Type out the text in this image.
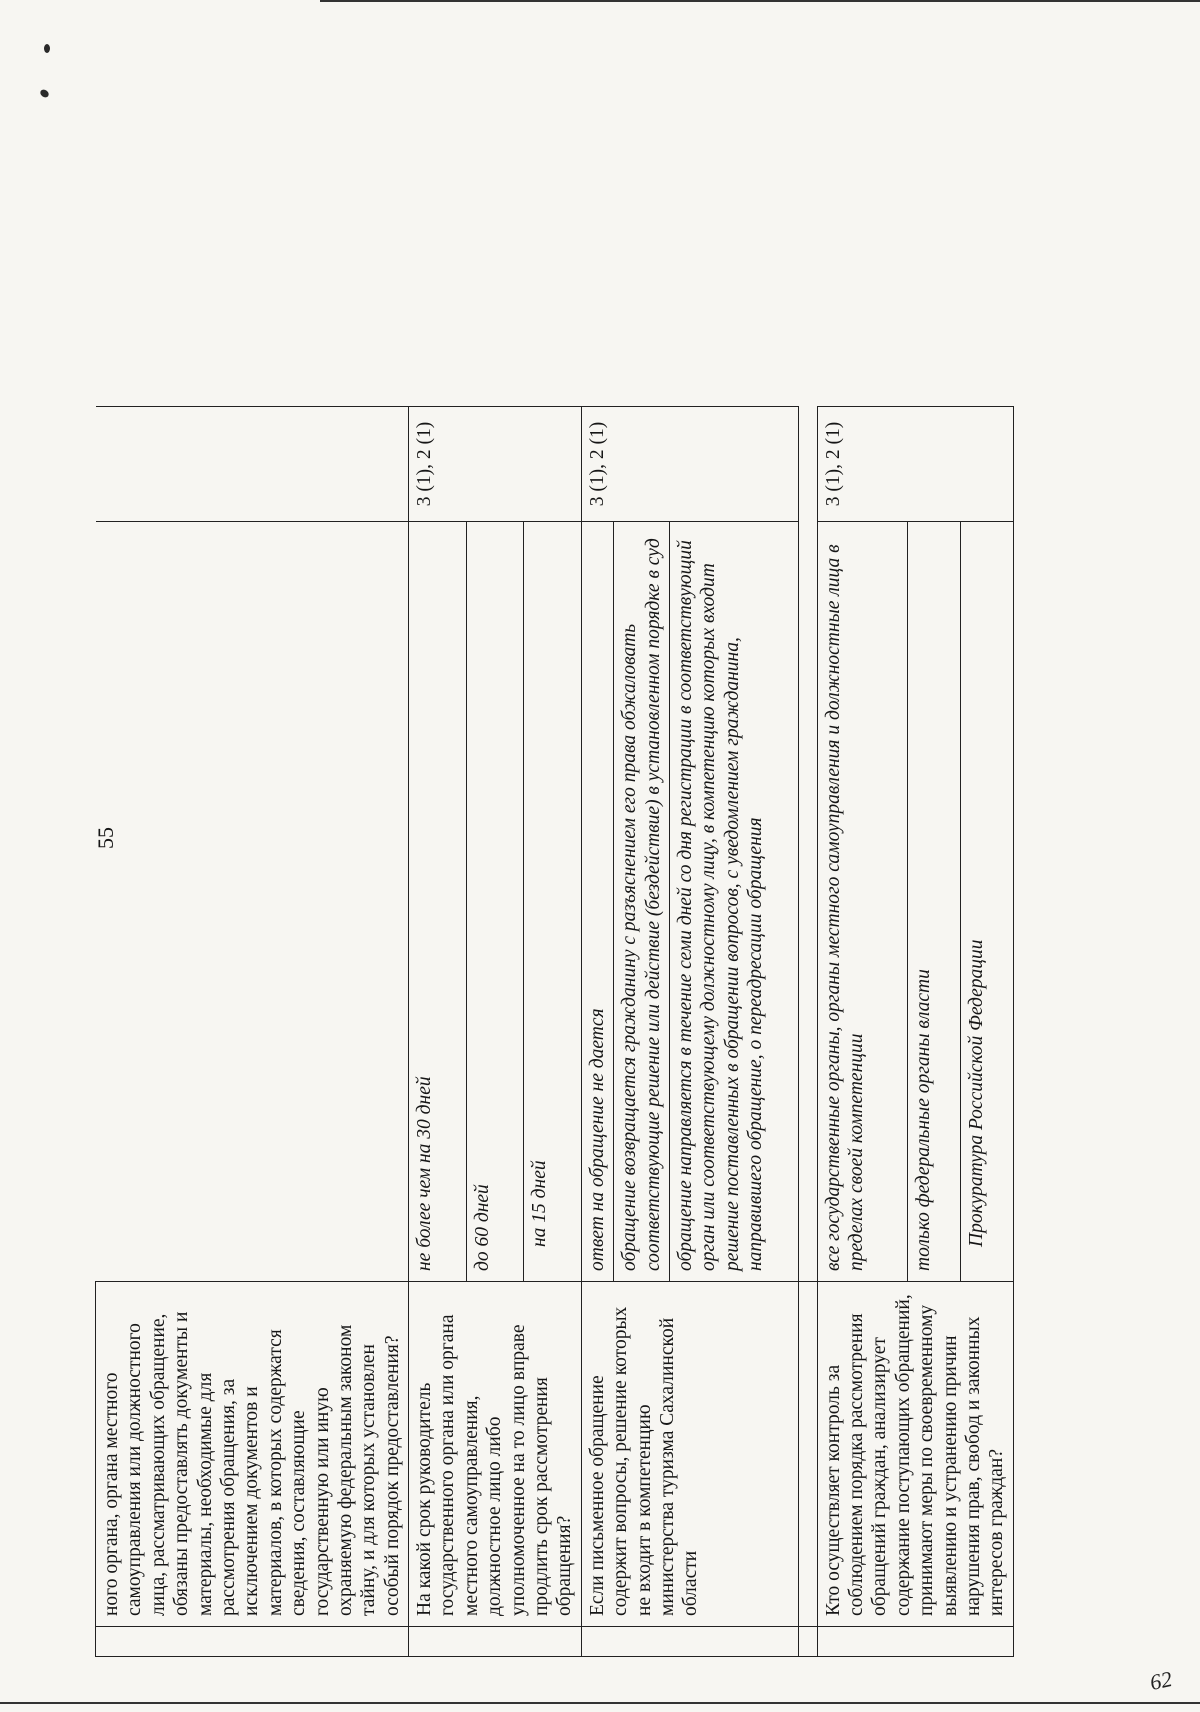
55
62
	ного органа, органа местного самоуправления или должностного лица, рассматривающих обращение, обязаны предоставлять документы и материалы, необходимые для рассмотрения обращения, за исключением документов и материалов, в которых содержатся сведения, составляющие государственную или иную охраняемую федеральным законом тайну, и для которых установлен особый порядок предоставления?			
	На какой срок руководитель государственного органа или органа местного самоуправления, должностное лицо либо уполномоченное на то лицо вправе продлить срок рассмотрения обращения?	не более чем на 30 дней	3 (1), 2 (1)	
		до 60 дней		
		на 15 дней		
	Если письменное обращение содержит вопросы, решение которых не входит в компетенцию министерства туризма Сахалинской области	ответ на обращение не дается	3 (1), 2 (1)	
		обращение возвращается гражданину с разъяснением его права обжаловать соответствующие решение или действие (бездействие) в установленном порядке в суд		
		обращение направляется в течение семи дней со дня регистрации в соответствующий орган или соответствующему должностному лицу, в компетенцию которых входит решение поставленных в обращении вопросов, с уведомлением гражданина, направившего обращение, о переадресации обращения		

	Кто осуществляет контроль за соблюдением порядка рассмотрения обращений граждан, анализирует содержание поступающих обращений, принимают меры по своевременному выявлению и устранению причин нарушения прав, свобод и законных интересов граждан?	все государственные органы, органы местного самоуправления и должностные лица в пределах своей компетенции	3 (1), 2 (1)	
		только федеральные органы власти		
		Прокуратура Российской Федерации		
